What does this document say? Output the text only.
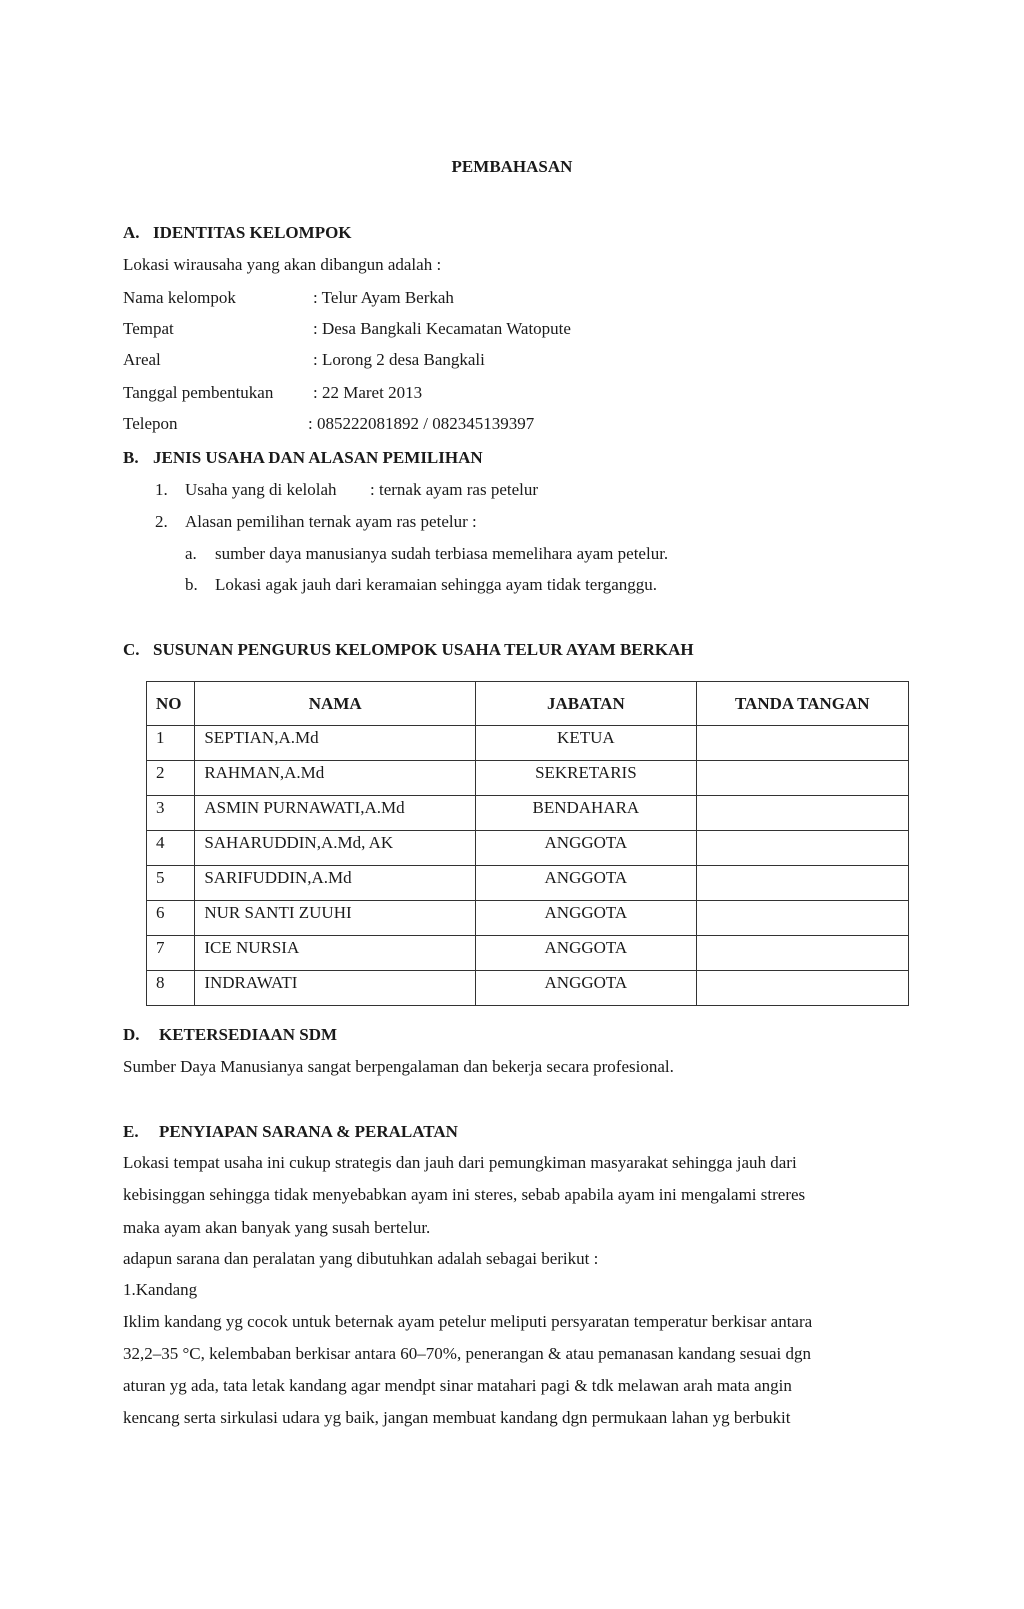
PEMBAHASAN
A. IDENTITAS KELOMPOK
Lokasi wirausaha yang akan dibangun adalah :
Nama kelompok	: Telur Ayam Berkah
Tempat	: Desa Bangkali Kecamatan Watopute
Areal	: Lorong 2 desa Bangkali
Tanggal pembentukan : 22 Maret 2013
Telepon	: 085222081892 / 082345139397
B. JENIS USAHA DAN ALASAN PEMILIHAN
1. Usaha yang di kelolah : ternak ayam ras petelur
2. Alasan pemilihan ternak ayam ras petelur :
a. sumber daya manusianya sudah terbiasa memelihara ayam petelur.
b. Lokasi agak jauh dari keramaian sehingga ayam tidak terganggu.
C. SUSUNAN PENGURUS KELOMPOK USAHA TELUR AYAM BERKAH
NO	NAMA	JABATAN	TANDA TANGAN
1	SEPTIAN,A.Md	KETUA	
2	RAHMAN,A.Md	SEKRETARIS	
3	ASMIN PURNAWATI,A.Md	BENDAHARA	
4	SAHARUDDIN,A.Md, AK	ANGGOTA	
5	SARIFUDDIN,A.Md	ANGGOTA	
6	NUR SANTI ZUUHI	ANGGOTA	
7	ICE NURSIA	ANGGOTA	
8	INDRAWATI	ANGGOTA	
D. KETERSEDIAAN SDM
Sumber Daya Manusianya sangat berpengalaman dan bekerja secara profesional.
E. PENYIAPAN SARANA & PERALATAN
Lokasi tempat usaha ini cukup strategis dan jauh dari pemungkiman masyarakat sehingga jauh dari
kebisinggan sehingga tidak menyebabkan ayam ini steres, sebab apabila ayam ini mengalami streres
maka ayam akan banyak yang susah bertelur.
adapun sarana dan peralatan yang dibutuhkan adalah sebagai berikut :
1.Kandang
Iklim kandang yg cocok untuk beternak ayam petelur meliputi persyaratan temperatur berkisar antara
32,2–35 °C, kelembaban berkisar antara 60–70%, penerangan & atau pemanasan kandang sesuai dgn
aturan yg ada, tata letak kandang agar mendpt sinar matahari pagi & tdk melawan arah mata angin
kencang serta sirkulasi udara yg baik, jangan membuat kandang dgn permukaan lahan yg berbukit
